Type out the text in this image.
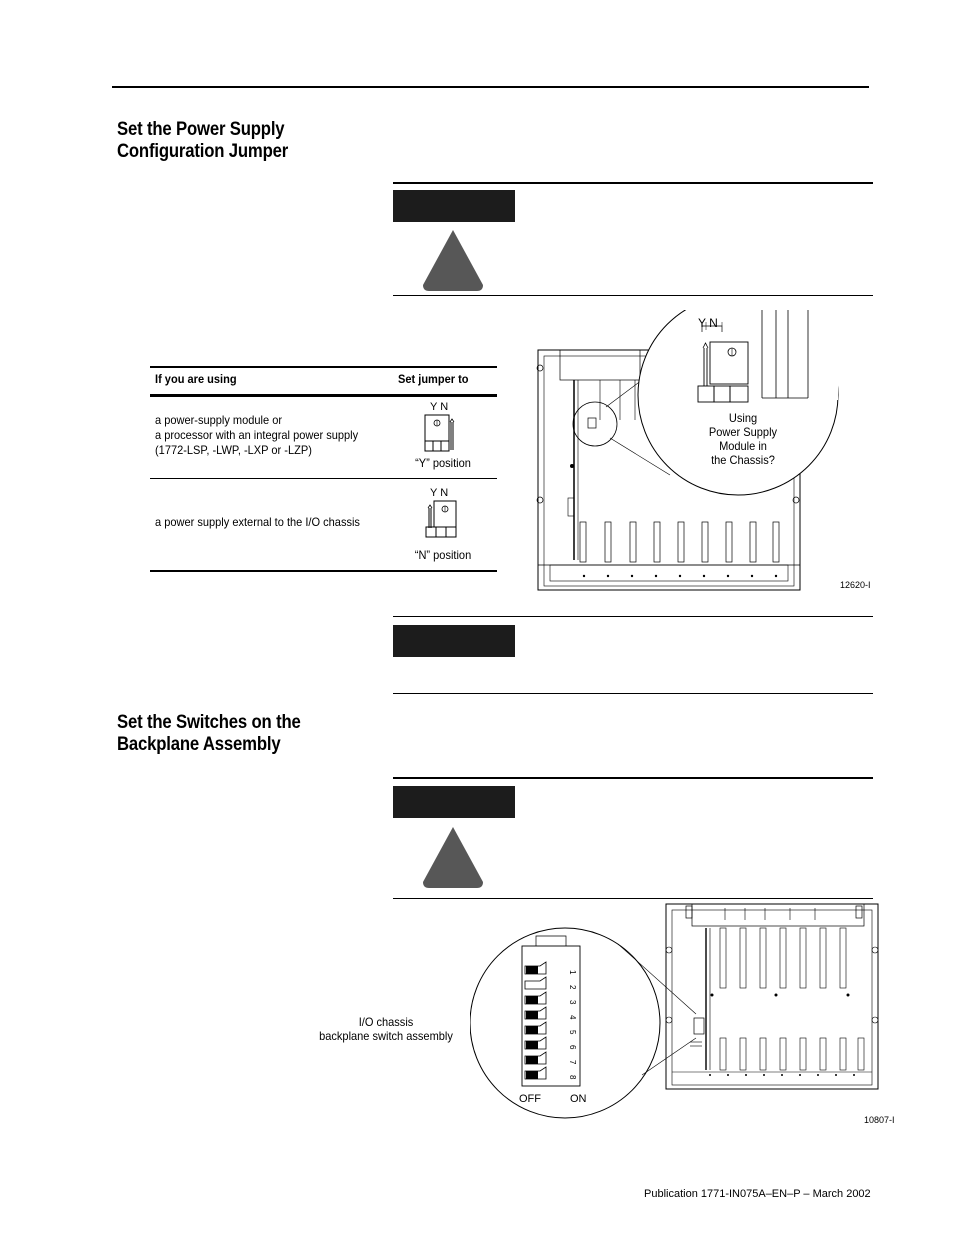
Set the Power Supply
Configuration Jumper
If you are using	Set jumper to
a power-supply module or
a processor with an integral power supply
(1772-LSP, -LWP, -LXP or -LZP)
Y N
“Y” position
Y N
a power supply external to the I/O chassis
“N” position
Y N
Using
Power Supply
Module in
the Chassis?
12620-I
Set the Switches on the
Backplane Assembly
1
2
3
4
5
6
7
8
I/O chassis
backplane switch assembly
OFF	ON
10807-I
Publication 1771-IN075A–EN–P – March 2002
